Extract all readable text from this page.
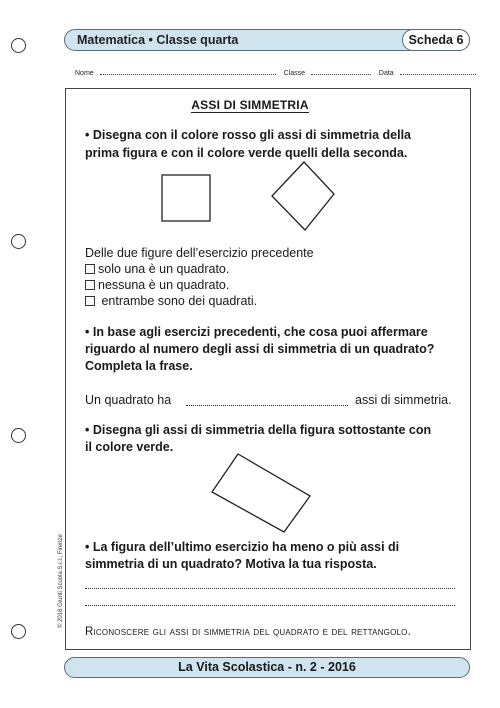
Matematica • Classe quarta	Scheda 6
Nome	Classe	Data
ASSI DI SIMMETRIA
• Disegna con il colore rosso gli assi di simmetria della
prima figura e con il colore verde quelli della seconda.
Delle due figure dell’esercizio precedente
solo una è un quadrato.
nessuna è un quadrato.
entrambe sono dei quadrati.
• In base agli esercizi precedenti, che cosa puoi affermare
riguardo al numero degli assi di simmetria di un quadrato?
Completa la frase.
Un quadrato ha	assi di simmetria.
• Disegna gli assi di simmetria della figura sottostante con
il colore verde.
• La figura dell’ultimo esercizio ha meno o più assi di
simmetria di un quadrato? Motiva la tua risposta.
Riconoscere gli assi di simmetria del quadrato e del rettangolo.
© 2016 Giunti Scuola S.r.l., Firenze
La Vita Scolastica - n. 2 - 2016
